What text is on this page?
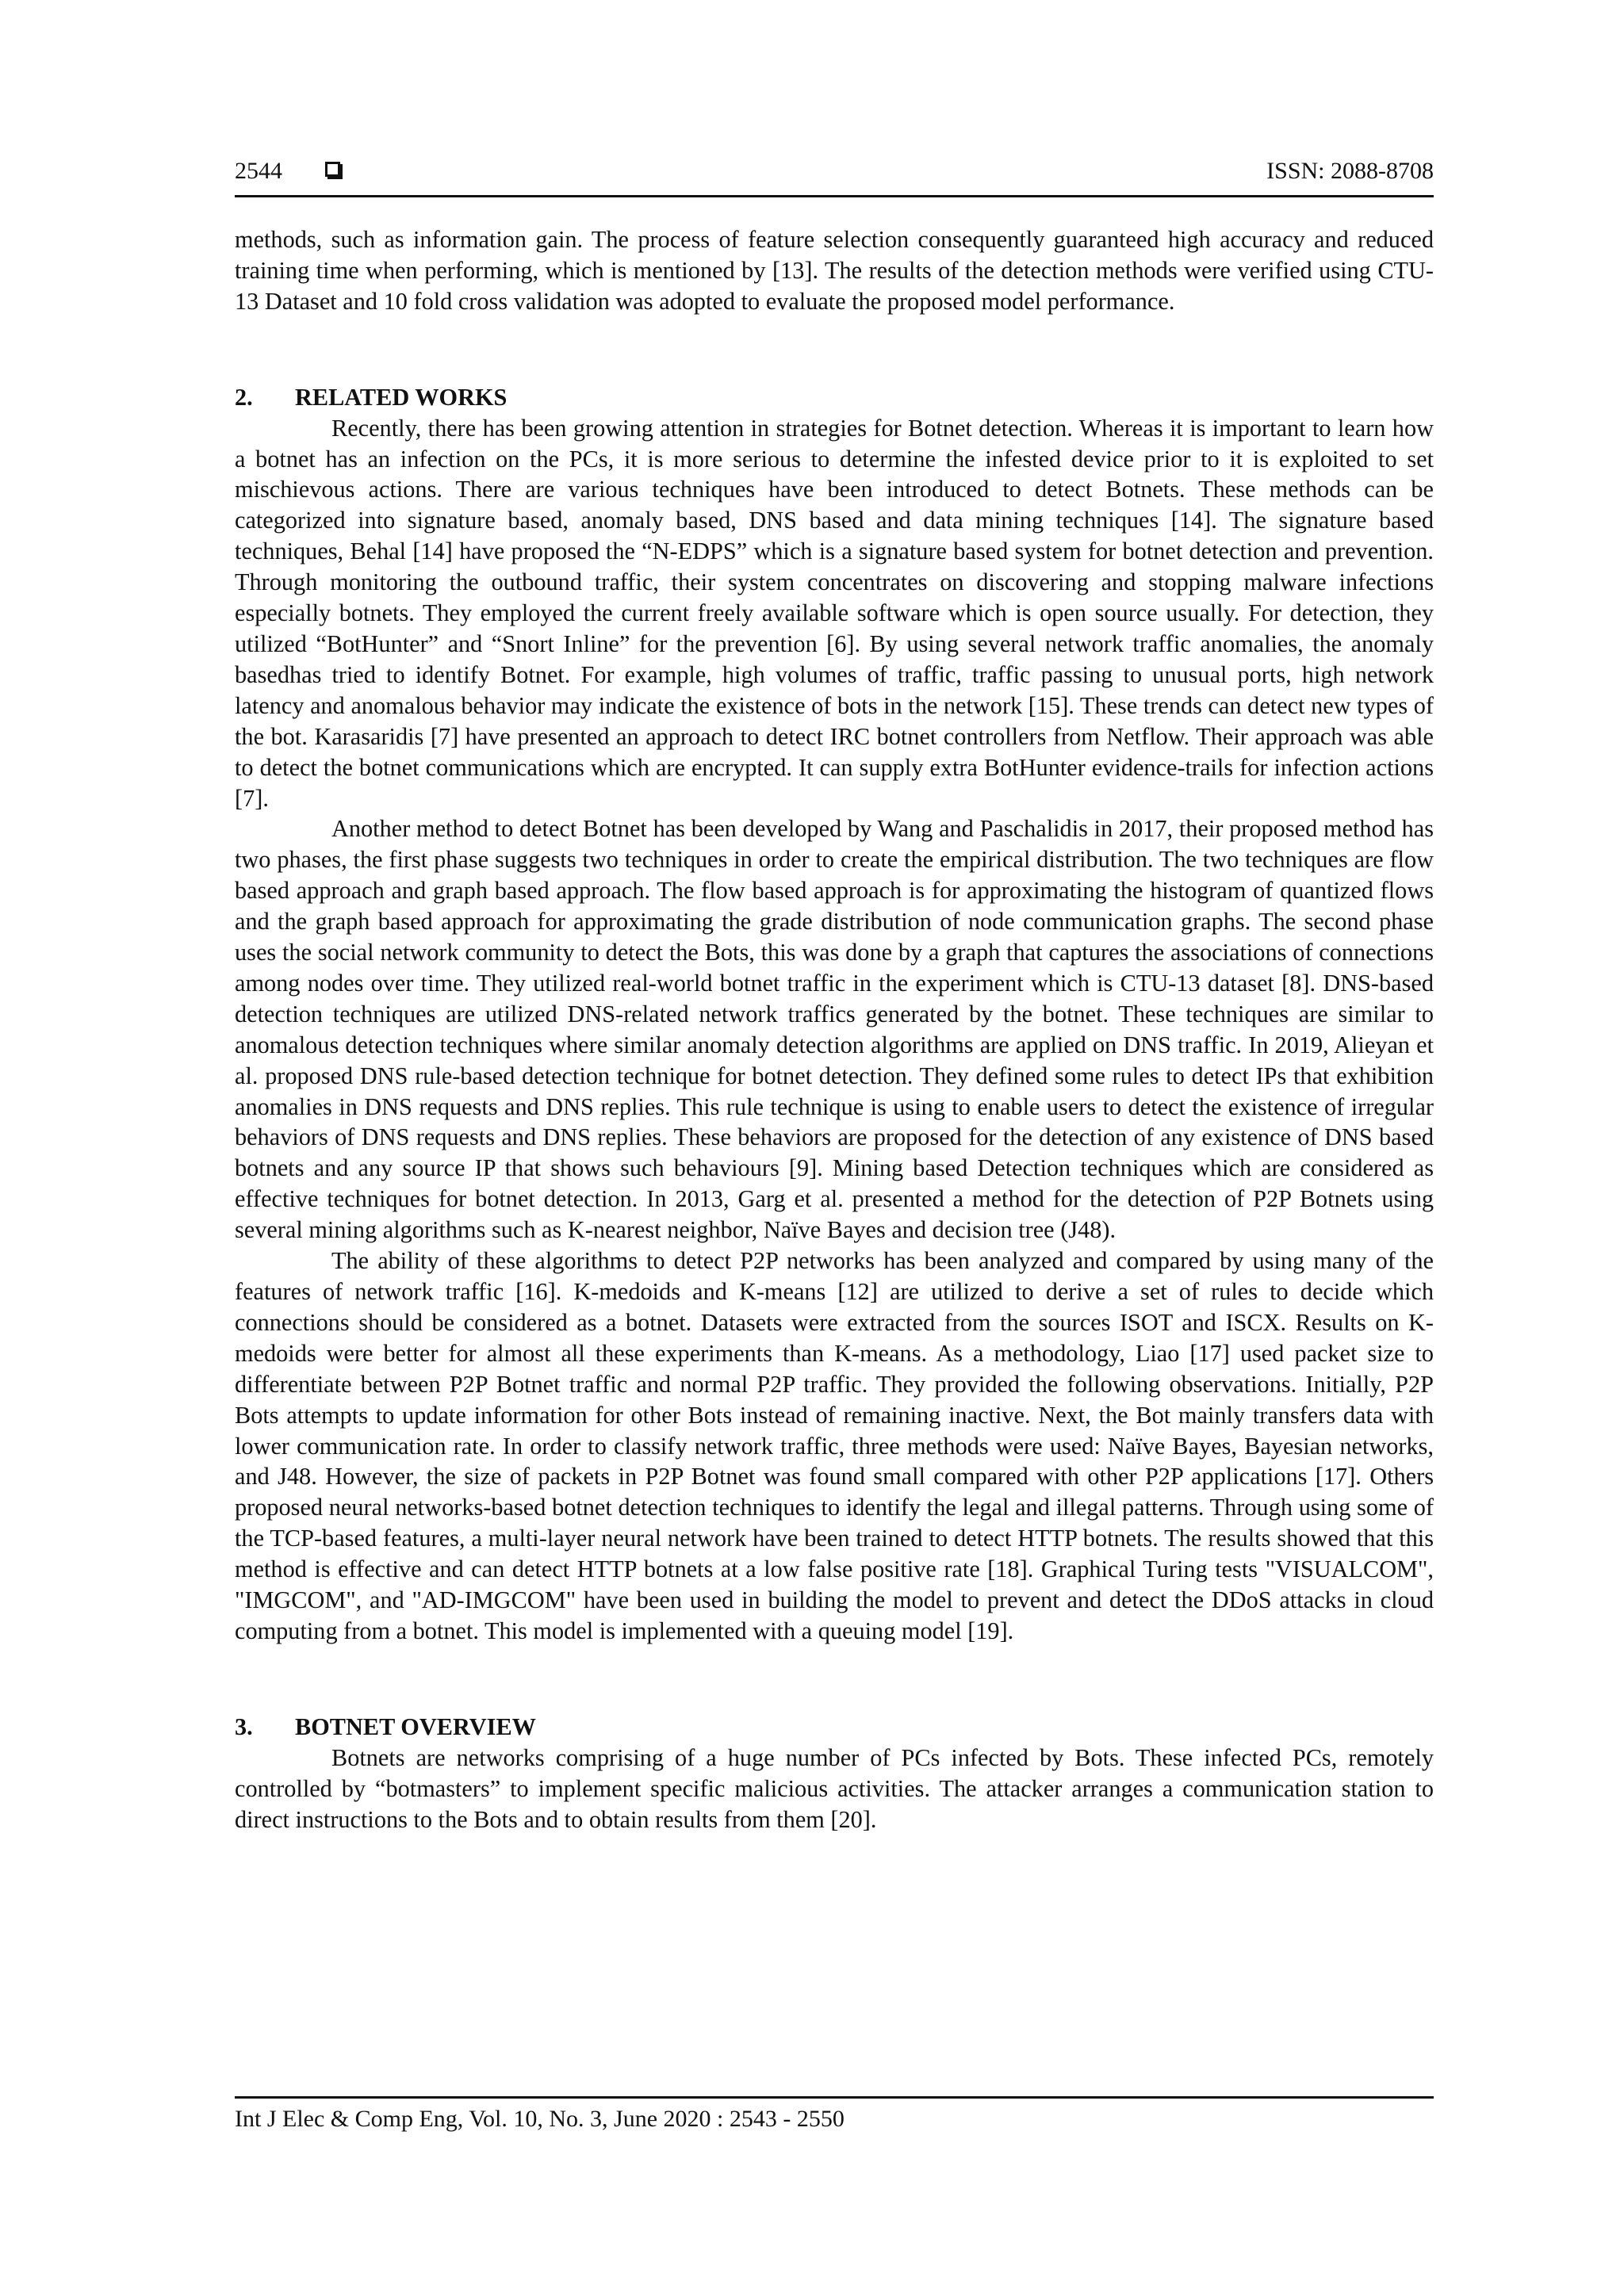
2544	ISSN: 2088-8708

methods, such as information gain. The process of feature selection consequently guaranteed high accuracy and reduced training time when performing, which is mentioned by [13]. The results of the detection methods were verified using CTU-13 Dataset and 10 fold cross validation was adopted to evaluate the proposed model performance.

2.	RELATED WORKS

Recently, there has been growing attention in strategies for Botnet detection. Whereas it is important to learn how a botnet has an infection on the PCs, it is more serious to determine the infested device prior to it is exploited to set mischievous actions. There are various techniques have been introduced to detect Botnets. These methods can be categorized into signature based, anomaly based, DNS based and data mining techniques [14]. The signature based techniques, Behal [14] have proposed the “N-EDPS” which is a signature based system for botnet detection and prevention. Through monitoring the outbound traffic, their system concentrates on discovering and stopping malware infections especially botnets. They employed the current freely available software which is open source usually. For detection, they utilized “BotHunter” and “Snort Inline” for the prevention [6]. By using several network traffic anomalies, the anomaly basedhas tried to identify Botnet. For example, high volumes of traffic, traffic passing to unusual ports, high network latency and anomalous behavior may indicate the existence of bots in the network [15]. These trends can detect new types of the bot. Karasaridis [7] have presented an approach to detect IRC botnet controllers from Netflow. Their approach was able to detect the botnet communications which are encrypted. It can supply extra BotHunter evidence-trails for infection actions [7].

Another method to detect Botnet has been developed by Wang and Paschalidis in 2017, their proposed method has two phases, the first phase suggests two techniques in order to create the empirical distribution. The two techniques are flow based approach and graph based approach. The flow based approach is for approximating the histogram of quantized flows and the graph based approach for approximating the grade distribution of node communication graphs. The second phase uses the social network community to detect the Bots, this was done by a graph that captures the associations of connections among nodes over time. They utilized real-world botnet traffic in the experiment which is CTU-13 dataset [8]. DNS-based detection techniques are utilized DNS-related network traffics generated by the botnet. These techniques are similar to anomalous detection techniques where similar anomaly detection algorithms are applied on DNS traffic. In 2019, Alieyan et al. proposed DNS rule-based detection technique for botnet detection. They defined some rules to detect IPs that exhibition anomalies in DNS requests and DNS replies. This rule technique is using to enable users to detect the existence of irregular behaviors of DNS requests and DNS replies. These behaviors are proposed for the detection of any existence of DNS based botnets and any source IP that shows such behaviours [9]. Mining based Detection techniques which are considered as effective techniques for botnet detection. In 2013, Garg et al. presented a method for the detection of P2P Botnets using several mining algorithms such as K-nearest neighbor, Naïve Bayes and decision tree (J48).

The ability of these algorithms to detect P2P networks has been analyzed and compared by using many of the features of network traffic [16]. K-medoids and K-means [12] are utilized to derive a set of rules to decide which connections should be considered as a botnet. Datasets were extracted from the sources ISOT and ISCX. Results on K-medoids were better for almost all these experiments than K-means. As a methodology, Liao [17] used packet size to differentiate between P2P Botnet traffic and normal P2P traffic. They provided the following observations. Initially, P2P Bots attempts to update information for other Bots instead of remaining inactive. Next, the Bot mainly transfers data with lower communication rate. In order to classify network traffic, three methods were used: Naïve Bayes, Bayesian networks, and J48. However, the size of packets in P2P Botnet was found small compared with other P2P applications [17]. Others proposed neural networks-based botnet detection techniques to identify the legal and illegal patterns. Through using some of the TCP-based features, a multi-layer neural network have been trained to detect HTTP botnets. The results showed that this method is effective and can detect HTTP botnets at a low false positive rate [18]. Graphical Turing tests "VISUALCOM", "IMGCOM", and "AD-IMGCOM" have been used in building the model to prevent and detect the DDoS attacks in cloud computing from a botnet. This model is implemented with a queuing model [19].

3.	BOTNET OVERVIEW

Botnets are networks comprising of a huge number of PCs infected by Bots. These infected PCs, remotely controlled by “botmasters” to implement specific malicious activities. The attacker arranges a communication station to direct instructions to the Bots and to obtain results from them [20].

Int J Elec & Comp Eng, Vol. 10, No. 3, June 2020 : 2543 - 2550
